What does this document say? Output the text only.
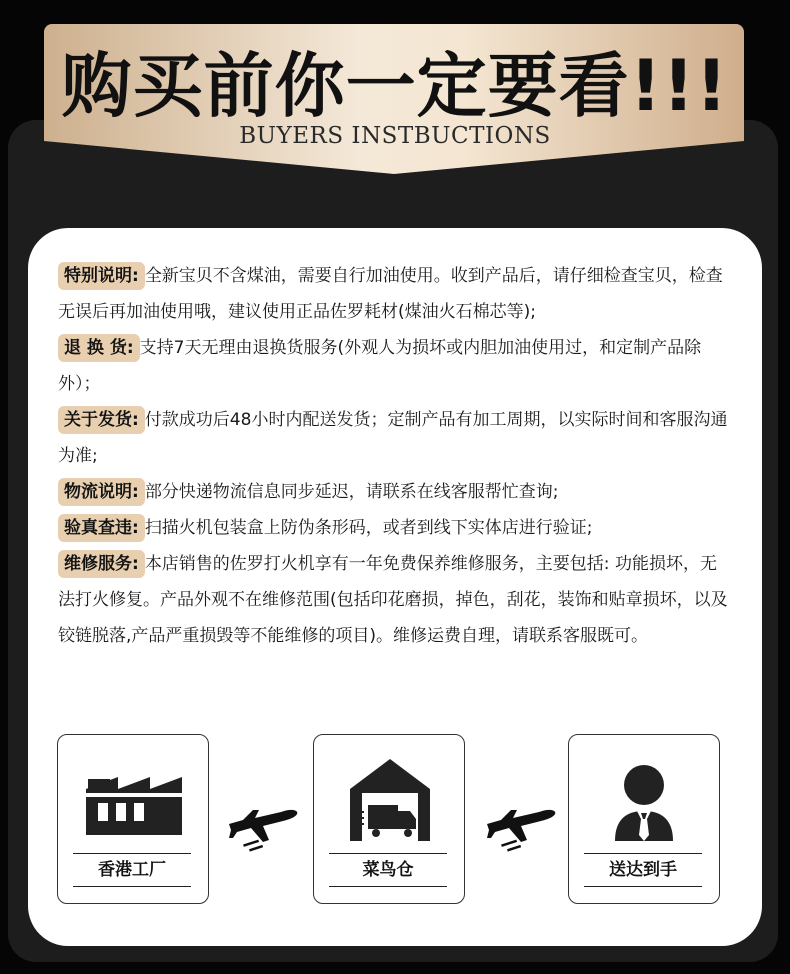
购买前你一定要看!!!
BUYERS INSTBUCTIONS

特别说明: 全新宝贝不含煤油，需要自行加油使用。收到产品后，请仔细检查宝贝，检查无误后再加油使用哦，建议使用正品佐罗耗材(煤油火石棉芯等);

退 换 货: 支持7天无理由退换货服务(外观人为损坏或内胆加油使用过，和定制产品除外）；

关于发货: 付款成功后48小时内配送发货；定制产品有加工周期，以实际时间和客服沟通为准;

物流说明: 部分快递物流信息同步延迟，请联系在线客服帮忙查询;

验真查违: 扫描火机包装盒上防伪条形码，或者到线下实体店进行验证;

维修服务: 本店销售的佐罗打火机享有一年免费保养维修服务，主要包括: 功能损坏，无法打火修复。产品外观不在维修范围(包括印花磨损，掉色，刮花，装饰和贴章损坏，以及铰链脱落,产品严重损毁等不能维修的项目)。维修运费自理，请联系客服既可。

香港工厂	菜鸟仓	送达到手
